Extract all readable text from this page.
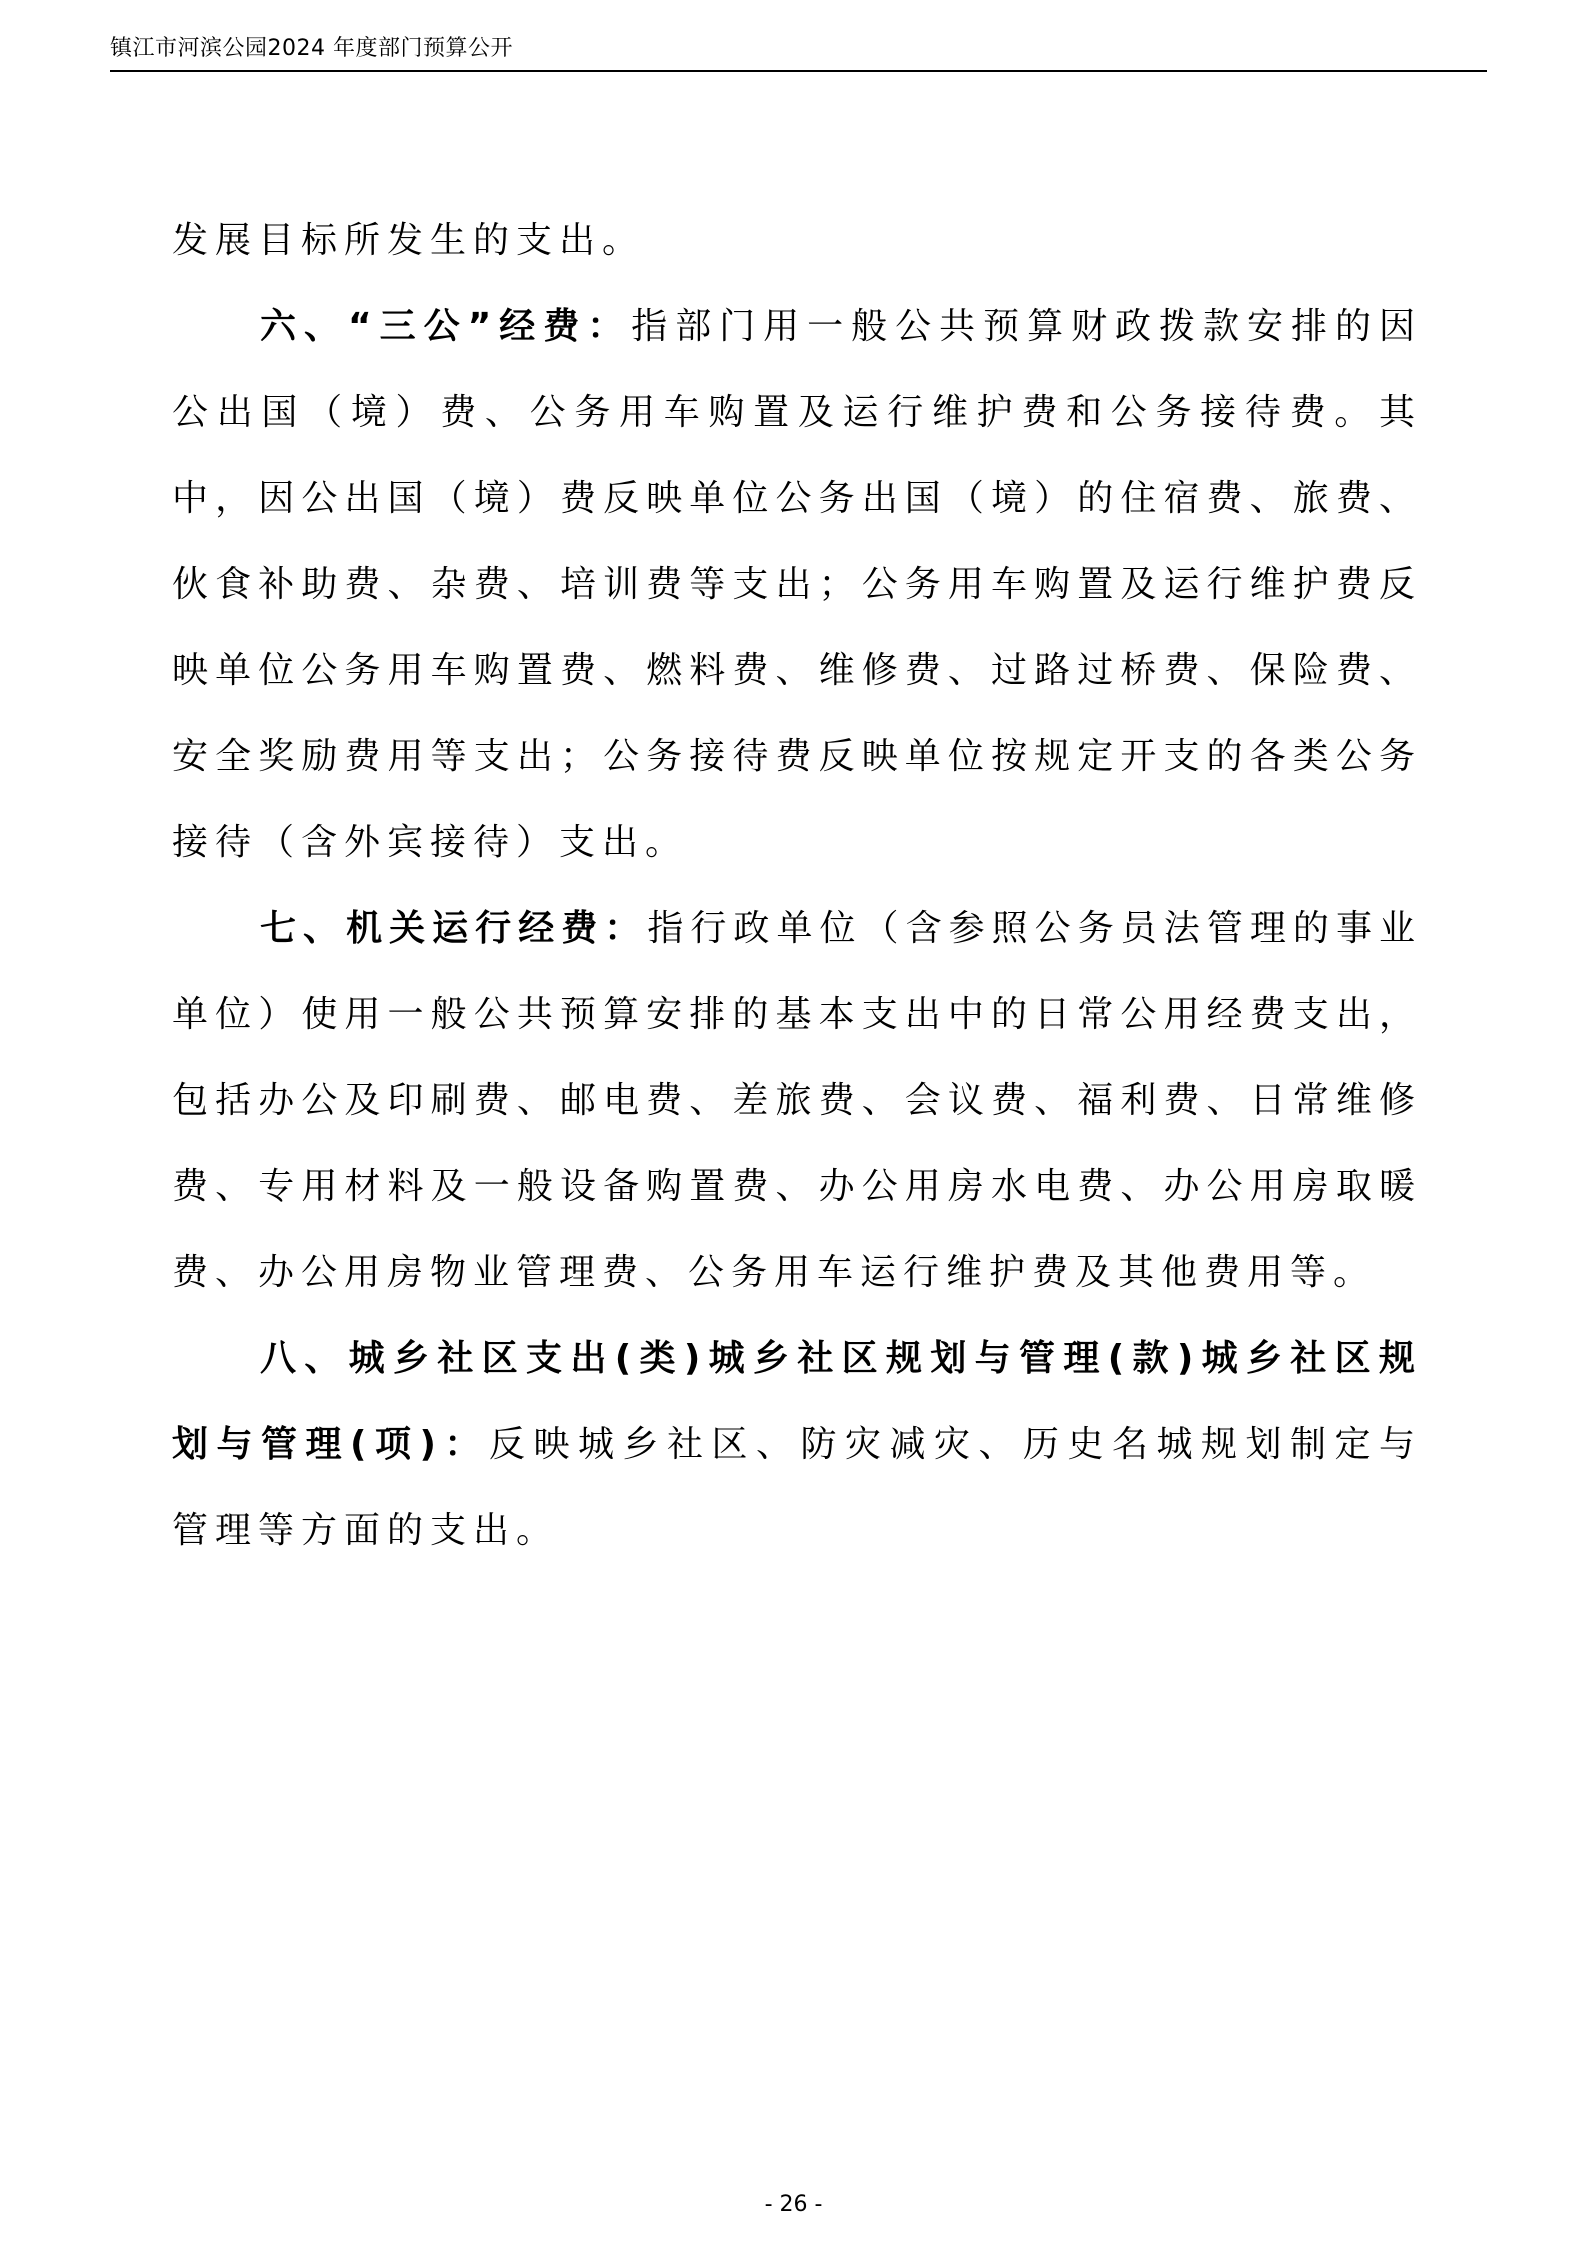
镇江市河滨公园2024 年度部门预算公开

发展目标所发生的支出。

六、“三公”经费：指部门用一般公共预算财政拨款安排的因公出国（境）费、公务用车购置及运行维护费和公务接待费。其中，因公出国（境）费反映单位公务出国（境）的住宿费、旅费、伙食补助费、杂费、培训费等支出；公务用车购置及运行维护费反映单位公务用车购置费、燃料费、维修费、过路过桥费、保险费、安全奖励费用等支出；公务接待费反映单位按规定开支的各类公务接待（含外宾接待）支出。

七、机关运行经费：指行政单位（含参照公务员法管理的事业单位）使用一般公共预算安排的基本支出中的日常公用经费支出，包括办公及印刷费、邮电费、差旅费、会议费、福利费、日常维修费、专用材料及一般设备购置费、办公用房水电费、办公用房取暖费、办公用房物业管理费、公务用车运行维护费及其他费用等。

八、城乡社区支出(类)城乡社区规划与管理(款)城乡社区规划与管理(项)：反映城乡社区、防灾减灾、历史名城规划制定与管理等方面的支出。

- 26 -
